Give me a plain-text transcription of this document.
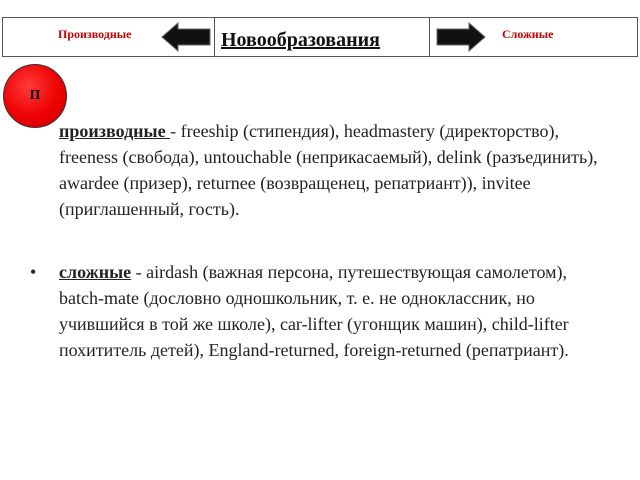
Производные	Новообразования	Сложные
П
производные - freeship (стипендия), headmastery (директорство), freeness (свобода), untouchable (неприкасаемый), delink (разъединить), awardee (призер), returnee (возвращенец, репатриант)), invitee (приглашенный, гость).
• сложные - airdash (важная персона, путешествующая самолетом), batch-mate (дословно одношкольник, т. е. не одноклассник, но учившийся в той же школе), car-lifter (угонщик машин), child-lifter похититель детей), England-returned, foreign-returned (репатриант).
